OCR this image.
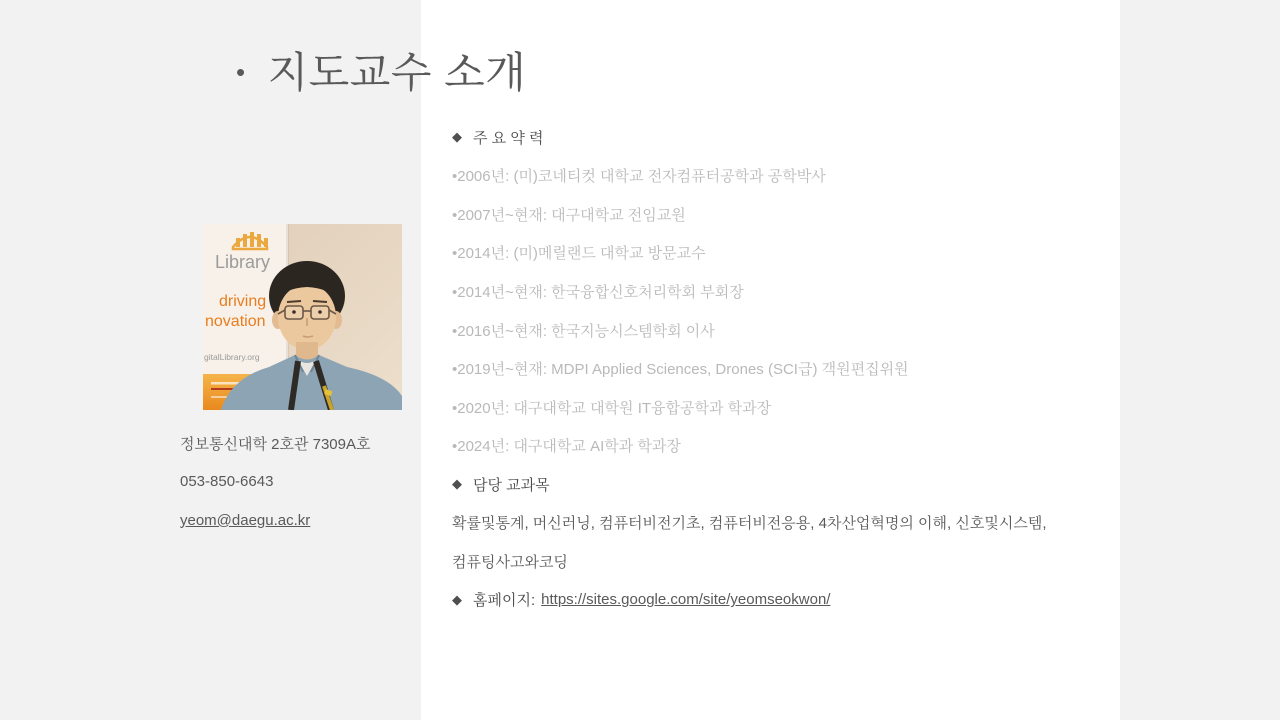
• 지도교수 소개
Library
driving
novation
gitalLibrary.org
정보통신대학 2호관 7309A호
053-850-6643
yeom@daegu.ac.kr
◆ 주 요 약 력
•2006년: (미)코네티컷 대학교 전자컴퓨터공학과 공학박사
•2007년~현재: 대구대학교 전임교원
•2014년: (미)메릴랜드 대학교 방문교수
•2014년~현재: 한국융합신호처리학회 부회장
•2016년~현재: 한국지능시스템학회 이사
•2019년~현재: MDPI Applied Sciences, Drones (SCI급) 객원편집위원
•2020년: 대구대학교 대학원 IT융합공학과 학과장
•2024년: 대구대학교 AI학과 학과장
◆ 담당 교과목
확률및통계, 머신러닝, 컴퓨터비전기초, 컴퓨터비전응용, 4차산업혁명의 이해, 신호및시스템,
컴퓨팅사고와코딩
◆ 홈페이지: https://sites.google.com/site/yeomseokwon/
